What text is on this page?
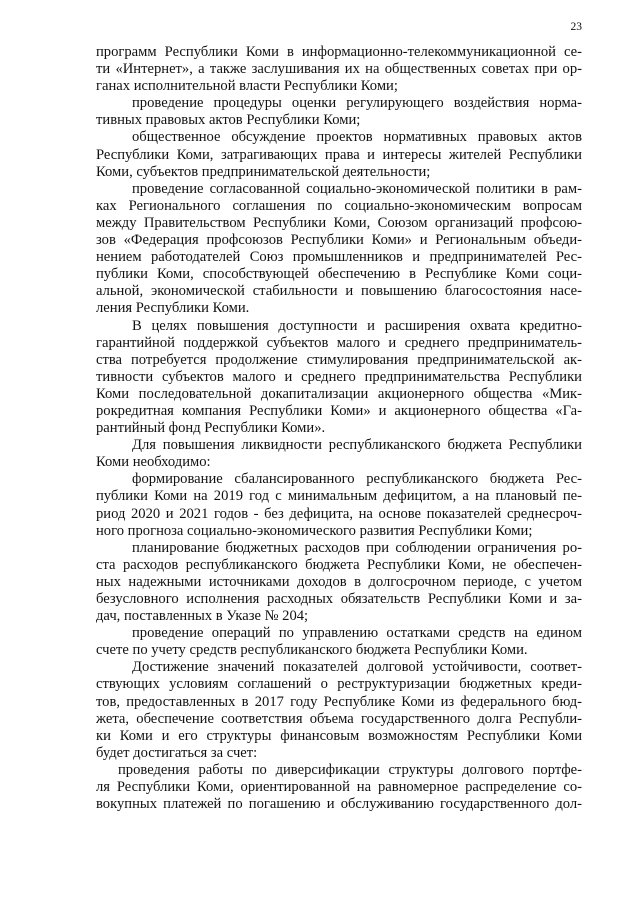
23
программ Республики Коми в информационно-телекоммуникационной се-
ти «Интернет», а также заслушивания их на общественных советах при ор-
ганах исполнительной власти Республики Коми;
проведение процедуры оценки регулирующего воздействия норма-
тивных правовых актов Республики Коми;
общественное обсуждение проектов нормативных правовых актов
Республики Коми, затрагивающих права и интересы жителей Республики
Коми, субъектов предпринимательской деятельности;
проведение согласованной социально-экономической политики в рам-
ках Регионального соглашения по социально-экономическим вопросам
между Правительством Республики Коми, Союзом организаций профсою-
зов «Федерация профсоюзов Республики Коми» и Региональным объеди-
нением работодателей Союз промышленников и предпринимателей Рес-
публики Коми, способствующей обеспечению в Республике Коми соци-
альной, экономической стабильности и повышению благосостояния насе-
ления Республики Коми.
В целях повышения доступности и расширения охвата кредитно-
гарантийной поддержкой субъектов малого и среднего предприниматель-
ства потребуется продолжение стимулирования предпринимательской ак-
тивности субъектов малого и среднего предпринимательства Республики
Коми последовательной докапитализации акционерного общества «Мик-
рокредитная компания Республики Коми» и акционерного общества «Га-
рантийный фонд Республики Коми».
Для повышения ликвидности республиканского бюджета Республики
Коми необходимо:
формирование сбалансированного республиканского бюджета Рес-
публики Коми на 2019 год с минимальным дефицитом, а на плановый пе-
риод 2020 и 2021 годов - без дефицита, на основе показателей среднесроч-
ного прогноза социально-экономического развития Республики Коми;
планирование бюджетных расходов при соблюдении ограничения ро-
ста расходов республиканского бюджета Республики Коми, не обеспечен-
ных надежными источниками доходов в долгосрочном периоде, с учетом
безусловного исполнения расходных обязательств Республики Коми и за-
дач, поставленных в Указе № 204;
проведение операций по управлению остатками средств на едином
счете по учету средств республиканского бюджета Республики Коми.
Достижение значений показателей долговой устойчивости, соответ-
ствующих условиям соглашений о реструктуризации бюджетных креди-
тов, предоставленных в 2017 году Республике Коми из федерального бюд-
жета, обеспечение соответствия объема государственного долга Республи-
ки Коми и его структуры финансовым возможностям Республики Коми
будет достигаться за счет:
проведения работы по диверсификации структуры долгового портфе-
ля Республики Коми, ориентированной на равномерное распределение со-
вокупных платежей по погашению и обслуживанию государственного дол-
